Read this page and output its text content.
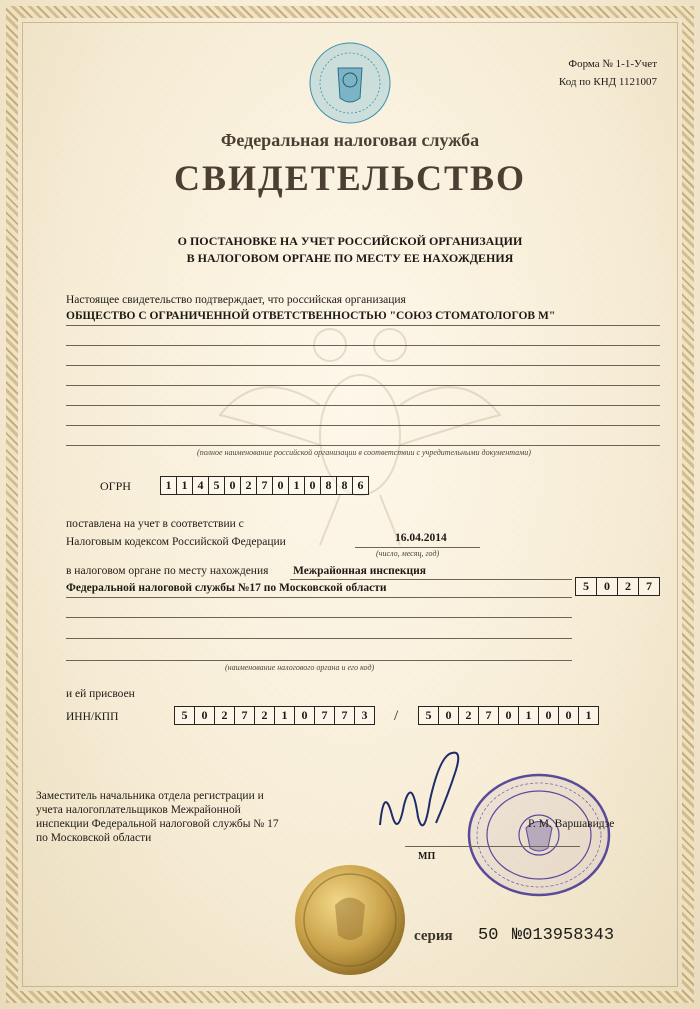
Форма № 1-1-Учет
Код по КНД 1121007
Федеральная налоговая служба
СВИДЕТЕЛЬСТВО
О ПОСТАНОВКЕ НА УЧЕТ РОССИЙСКОЙ ОРГАНИЗАЦИИ
В НАЛОГОВОМ ОРГАНЕ ПО МЕСТУ ЕЕ НАХОЖДЕНИЯ
Настоящее свидетельство подтверждает, что российская организация
ОБЩЕСТВО С ОГРАНИЧЕННОЙ ОТВЕТСТВЕННОСТЬЮ "СОЮЗ СТОМАТОЛОГОВ М"
(полное наименование российской организации в соответствии с учредительными документами)
ОГРН	1 1 4 5 0 2 7 0 1 0 8 8 6
поставлена на учет в соответствии с
Налоговым кодексом Российской Федерации	16.04.2014
(число, месяц, год)
в налоговом органе по месту нахождения Межрайонная инспекция
Федеральной налоговой службы №17 по Московской области	5	0	2	7
(наименование налогового органа и его код)
и ей присвоен
ИНН/КПП	5	0	2	7	2	1	0	7	7	3	/	5	0	2	7	0	1	0	0	1
Заместитель начальника отдела регистрации и
учета налогоплательщиков Межрайонной
инспекции Федеральной налоговой службы № 17
по Московской области
Р. М. Варшавидзе
МП
серия 50 №013958343
